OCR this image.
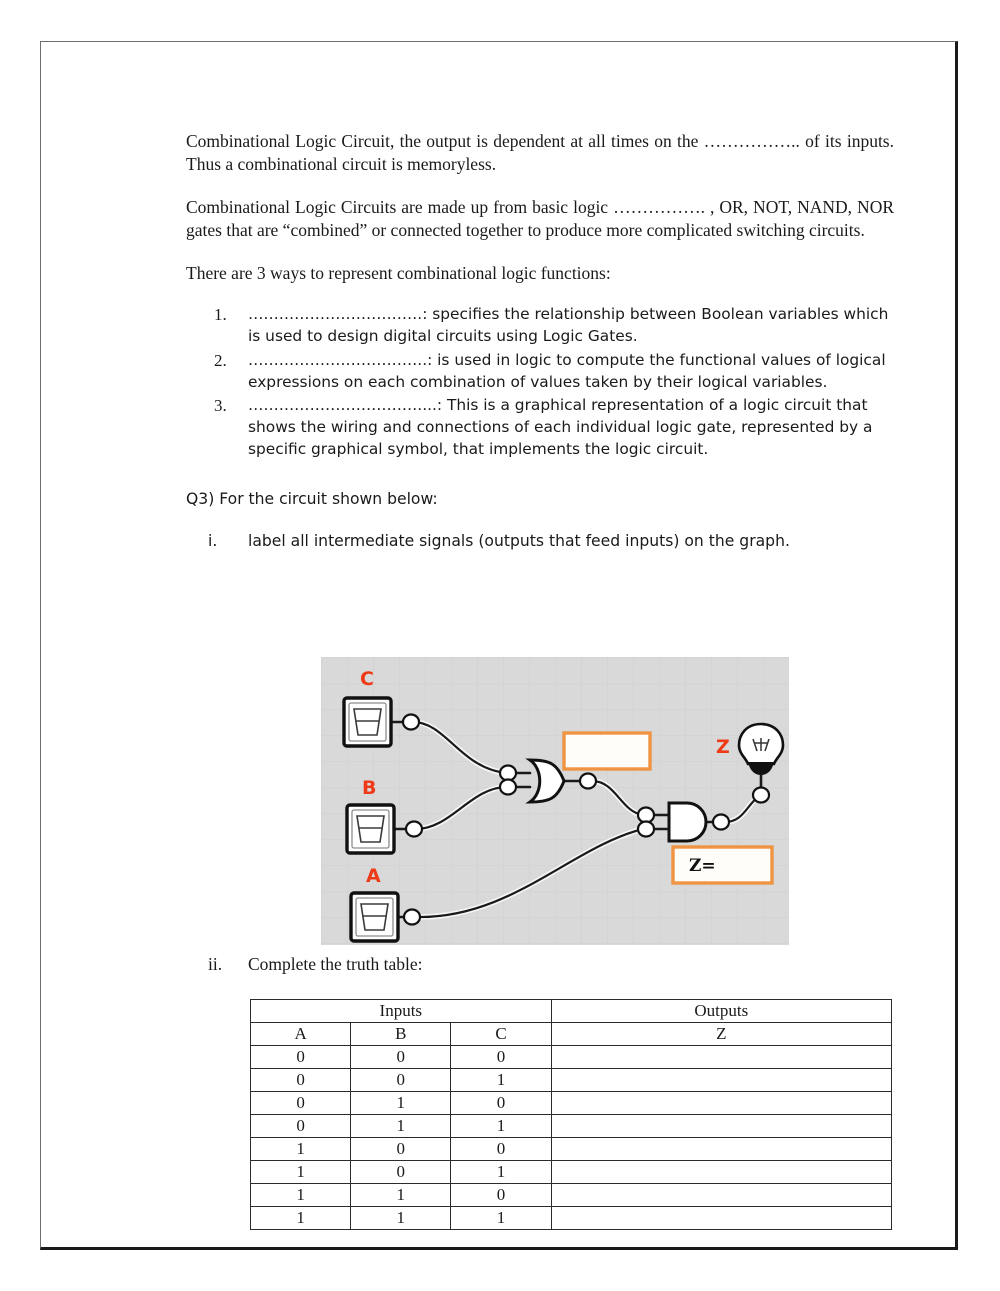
Combinational Logic Circuit, the output is dependent at all times on the …………….. of its inputs. Thus a combinational circuit is memoryless.

Combinational Logic Circuits are made up from basic logic ……………. , OR, NOT, NAND, NOR gates that are “combined” or connected together to produce more complicated switching circuits.

There are 3 ways to represent combinational logic functions:

1. …………………………….: specifies the relationship between Boolean variables which is used to design digital circuits using Logic Gates.
2. ……………………………..: is used in logic to compute the functional values of logical expressions on each combination of values taken by their logical variables.
3. ……………………………....: This is a graphical representation of a logic circuit that shows the wiring and connections of each individual logic gate, represented by a specific graphical symbol, that implements the logic circuit.

Q3) For the circuit shown below:

i. label all intermediate signals (outputs that feed inputs) on the graph.
C
B
A
Z
Z=
ii. Complete the truth table:
Inputs			Outputs
A	B	C	Z
0	0	0	
0	0	1	
0	1	0	
0	1	1	
1	0	0	
1	0	1	
1	1	0	
1	1	1	
